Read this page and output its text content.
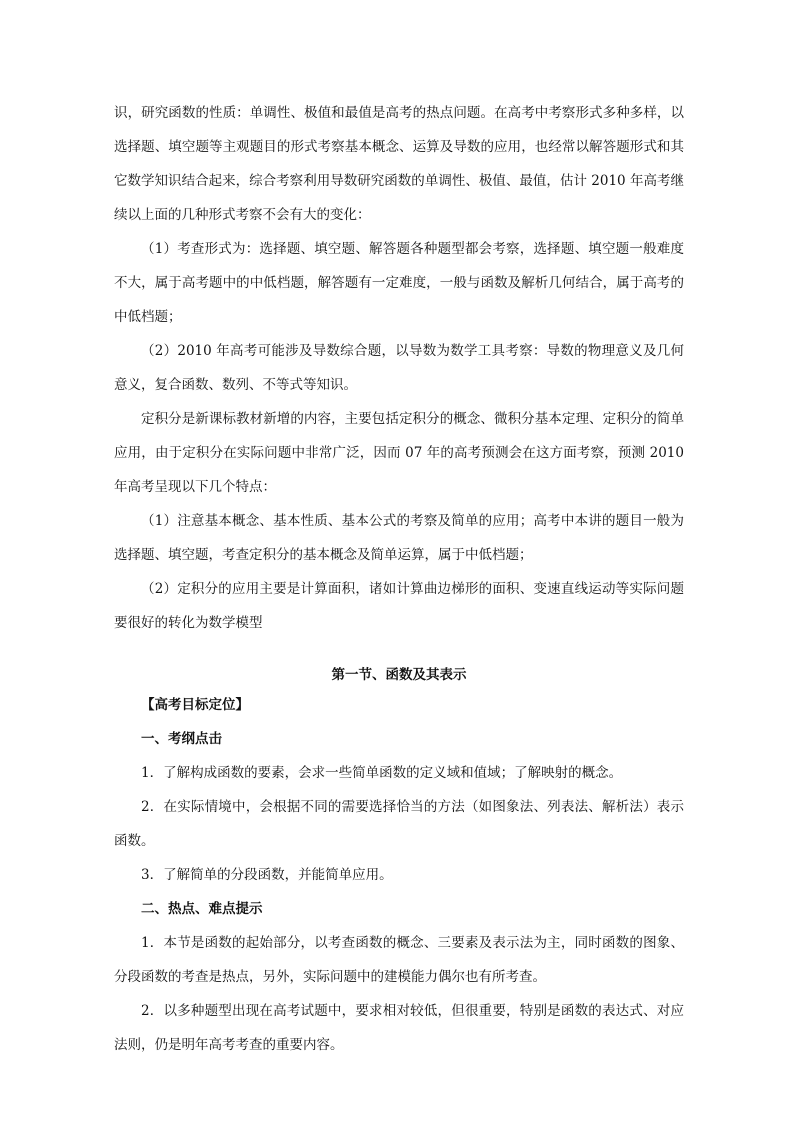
识，研究函数的性质：单调性、极值和最值是高考的热点问题。在高考中考察形式多种多样，以选择题、填空题等主观题目的形式考察基本概念、运算及导数的应用，也经常以解答题形式和其它数学知识结合起来，综合考察利用导数研究函数的单调性、极值、最值，估计 2010 年高考继续以上面的几种形式考察不会有大的变化：

（1）考查形式为：选择题、填空题、解答题各种题型都会考察，选择题、填空题一般难度不大，属于高考题中的中低档题，解答题有一定难度，一般与函数及解析几何结合，属于高考的中低档题；

（2）2010 年高考可能涉及导数综合题，以导数为数学工具考察：导数的物理意义及几何意义，复合函数、数列、不等式等知识。

定积分是新课标教材新增的内容，主要包括定积分的概念、微积分基本定理、定积分的简单应用，由于定积分在实际问题中非常广泛，因而 07 年的高考预测会在这方面考察，预测 2010 年高考呈现以下几个特点：

（1）注意基本概念、基本性质、基本公式的考察及简单的应用；高考中本讲的题目一般为选择题、填空题，考查定积分的基本概念及简单运算，属于中低档题；

（2）定积分的应用主要是计算面积，诸如计算曲边梯形的面积、变速直线运动等实际问题要很好的转化为数学模型

第一节、函数及其表示

【高考目标定位】

一、考纲点击

1．了解构成函数的要素，会求一些简单函数的定义域和值域；了解映射的概念。

2．在实际情境中，会根据不同的需要选择恰当的方法（如图象法、列表法、解析法）表示函数。

3．了解简单的分段函数，并能简单应用。

二、热点、难点提示

1．本节是函数的起始部分，以考查函数的概念、三要素及表示法为主，同时函数的图象、分段函数的考查是热点，另外，实际问题中的建模能力偶尔也有所考查。

2．以多种题型出现在高考试题中，要求相对较低，但很重要，特别是函数的表达式、对应法则，仍是明年高考考查的重要内容。
